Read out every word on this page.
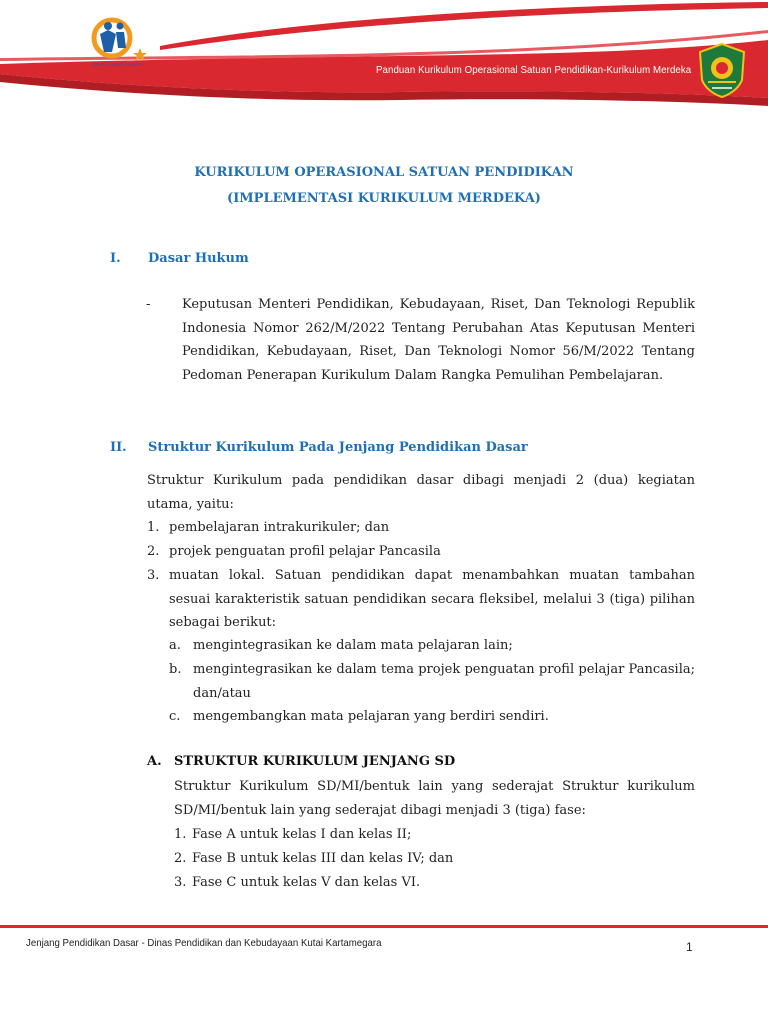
DINAS DIKBUD KUKAR	Panduan Kurikulum Operasional Satuan Pendidikan-Kurikulum Merdeka
KURIKULUM OPERASIONAL SATUAN PENDIDIKAN
(IMPLEMENTASI KURIKULUM MERDEKA)
I. Dasar Hukum
- Keputusan Menteri Pendidikan, Kebudayaan, Riset, Dan Teknologi Republik Indonesia Nomor 262/M/2022 Tentang Perubahan Atas Keputusan Menteri Pendidikan, Kebudayaan, Riset, Dan Teknologi Nomor 56/M/2022 Tentang Pedoman Penerapan Kurikulum Dalam Rangka Pemulihan Pembelajaran.
II. Struktur Kurikulum Pada Jenjang Pendidikan Dasar
Struktur Kurikulum pada pendidikan dasar dibagi menjadi 2 (dua) kegiatan utama, yaitu:
1. pembelajaran intrakurikuler; dan
2. projek penguatan profil pelajar Pancasila
3. muatan lokal. Satuan pendidikan dapat menambahkan muatan tambahan sesuai karakteristik satuan pendidikan secara fleksibel, melalui 3 (tiga) pilihan sebagai berikut:
a. mengintegrasikan ke dalam mata pelajaran lain;
b. mengintegrasikan ke dalam tema projek penguatan profil pelajar Pancasila; dan/atau
c. mengembangkan mata pelajaran yang berdiri sendiri.
A. STRUKTUR KURIKULUM JENJANG SD
Struktur Kurikulum SD/MI/bentuk lain yang sederajat Struktur kurikulum SD/MI/bentuk lain yang sederajat dibagi menjadi 3 (tiga) fase:
1. Fase A untuk kelas I dan kelas II;
2. Fase B untuk kelas III dan kelas IV; dan
3. Fase C untuk kelas V dan kelas VI.
Jenjang Pendidikan Dasar - Dinas Pendidikan dan Kebudayaan Kutai Kartamegara	1
